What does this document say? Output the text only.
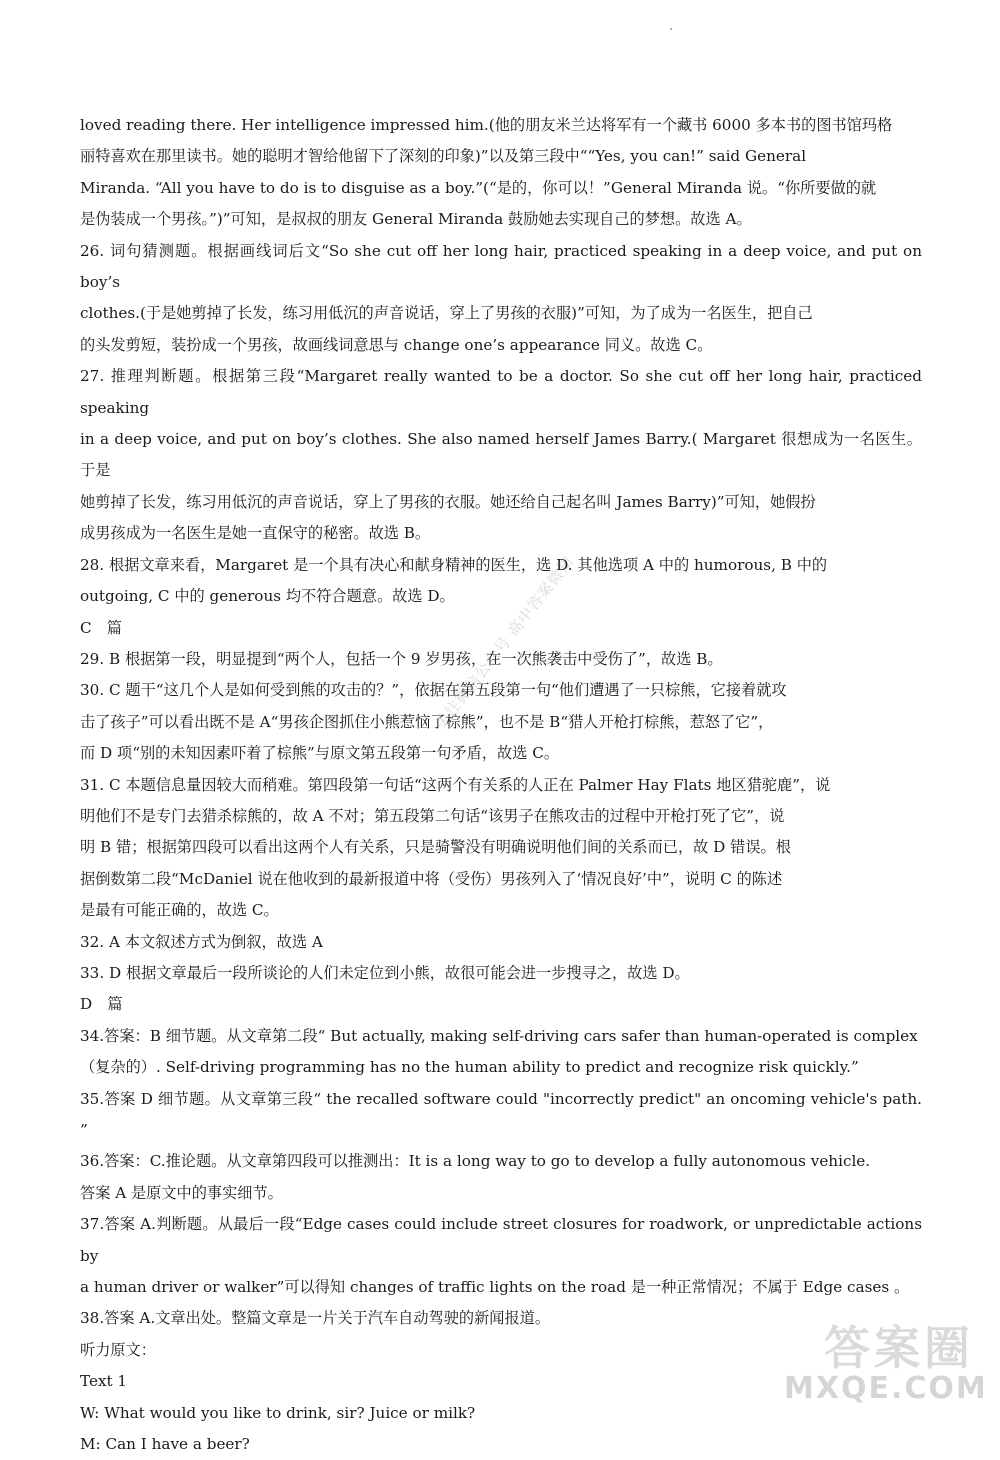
loved reading there. Her intelligence impressed him.(他的朋友米兰达将军有一个藏书 6000 多本书的图书馆玛格

丽特喜欢在那里读书。她的聪明才智给他留下了深刻的印象)”以及第三段中““Yes, you can!” said General

Miranda. “All you have to do is to disguise as a boy.”(“是的，你可以！”General Miranda 说。“你所要做的就

是伪装成一个男孩。”)”可知，是叔叔的朋友 General Miranda 鼓励她去实现自己的梦想。故选 A。

26. 词句猜测题。根据画线词后文“So she cut off her long hair, practiced speaking in a deep voice, and put on boy’s

clothes.(于是她剪掉了长发，练习用低沉的声音说话，穿上了男孩的衣服)”可知，为了成为一名医生，把自己

的头发剪短，装扮成一个男孩，故画线词意思与 change one’s appearance 同义。故选 C。

27. 推理判断题。根据第三段“Margaret really wanted to be a doctor. So she cut off her long hair, practiced speaking

in a deep voice, and put on boy’s clothes. She also named herself James Barry.( Margaret 很想成为一名医生。于是

她剪掉了长发，练习用低沉的声音说话，穿上了男孩的衣服。她还给自己起名叫 James Barry)”可知，她假扮

成男孩成为一名医生是她一直保守的秘密。故选 B。

28. 根据文章来看，Margaret 是一个具有决心和献身精神的医生，选 D. 其他选项 A 中的 humorous, B 中的

outgoing, C 中的 generous 均不符合题意。故选 D。

C　篇

29. B 根据第一段，明显提到“两个人，包括一个 9 岁男孩，在一次熊袭击中受伤了”，故选 B。

30. C 题干“这几个人是如何受到熊的攻击的？”，依据在第五段第一句“他们遭遇了一只棕熊，它接着就攻

击了孩子”可以看出既不是 A“男孩企图抓住小熊惹恼了棕熊”，也不是 B“猎人开枪打棕熊，惹怒了它”，

而 D 项“别的未知因素吓着了棕熊”与原文第五段第一句矛盾，故选 C。

31. C 本题信息量因较大而稍难。第四段第一句话“这两个有关系的人正在 Palmer Hay Flats 地区猎驼鹿”，说

明他们不是专门去猎杀棕熊的，故 A 不对；第五段第二句话“该男子在熊攻击的过程中开枪打死了它”，说

明 B 错；根据第四段可以看出这两个人有关系，只是骑警没有明确说明他们间的关系而已，故 D 错误。根

据倒数第二段“McDaniel 说在他收到的最新报道中将（受伤）男孩列入了‘情况良好’中”，说明 C 的陈述

是最有可能正确的，故选 C。

32. A 本文叙述方式为倒叙，故选 A

33. D 根据文章最后一段所谈论的人们未定位到小熊，故很可能会进一步搜寻之，故选 D。

D　篇

34.答案：B 细节题。从文章第二段“ But actually, making self-driving cars safer than human-operated is complex

（复杂的）. Self-driving programming has no the human ability to predict and recognize risk quickly.”

35.答案 D 细节题。从文章第三段“ the recalled software could "incorrectly predict" an oncoming vehicle's path. ”

36.答案：C.推论题。从文章第四段可以推测出：It is a long way to go to develop a fully autonomous vehicle.

答案 A 是原文中的事实细节。

37.答案 A.判断题。从最后一段“Edge cases could include street closures for roadwork, or unpredictable actions by

a human driver or walker”可以得知 changes of traffic lights on the road 是一种正常情况；不属于 Edge cases 。

38.答案 A.文章出处。整篇文章是一片关于汽车自动驾驶的新闻报道。

听力原文：

Text 1

W: What would you like to drink, sir? Juice or milk?

M: Can I have a beer?

关注微信公众号 高中答案微知
答案圈
MXQE.COM
